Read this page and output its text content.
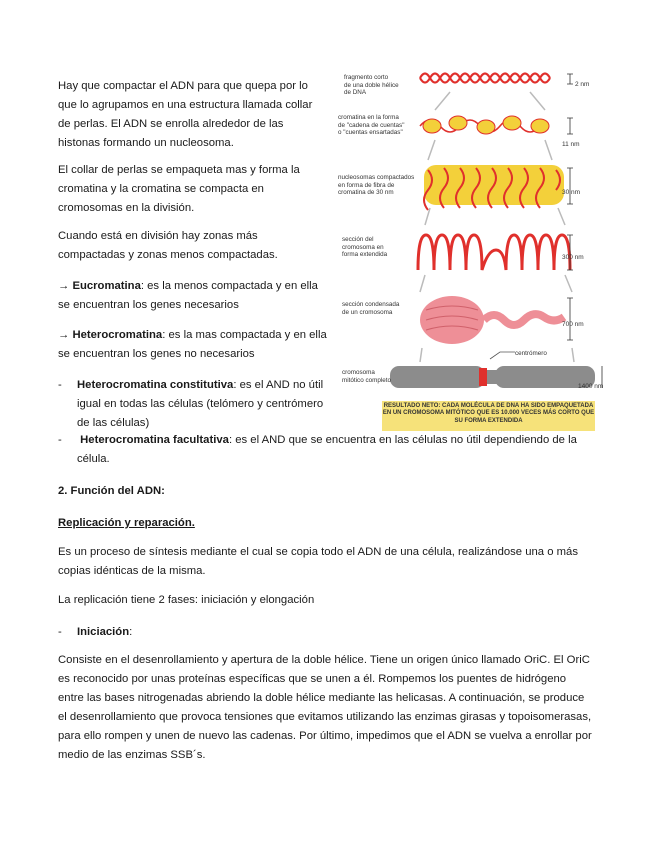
Hay que compactar el ADN para que quepa por lo que lo agrupamos en una estructura llamada collar de perlas. El ADN se enrolla alrededor de las histonas formando un nucleosoma.
El collar de perlas se empaqueta mas y forma la cromatina y la cromatina se compacta en cromosomas en la división.
Cuando está en división hay zonas más compactadas y zonas menos compactadas.
→ Eucromatina: es la menos compactada y en ella se encuentran los genes necesarios
→ Heterocromatina: es la mas compactada y en ella se encuentran los genes no necesarios
- Heterocromatina constitutiva: es el AND no útil igual en todas las células (telómero y centrómero de las células)
- Heterocromatina facultativa: es el AND que se encuentra en las células no útil dependiendo de la célula.
2. Función del ADN:
Replicación y reparación.
Es un proceso de síntesis mediante el cual se copia todo el ADN de una célula, realizándose una o más copias idénticas de la misma.
La replicación tiene 2 fases: iniciación y elongación
- Iniciación:
Consiste en el desenrollamiento y apertura de la doble hélice. Tiene un origen único llamado OriC. El OriC es reconocido por unas proteínas específicas que se unen a él. Rompemos los puentes de hidrógeno entre las bases nitrogenadas abriendo la doble hélice mediante las helicasas. A continuación, se produce el desenrollamiento que provoca tensiones que evitamos utilizando las enzimas girasas y topoisomerasas, para ello rompen y unen de nuevo las cadenas. Por último, impedimos que el ADN se vuelva a enrollar por medio de las enzimas SSB´s.
fragmento corto
de una doble hélice
de DNA
cromatina en la forma
de "cadena de cuentas"
o "cuentas ensartadas"
nucleosomas compactados
en forma de fibra de
cromatina de 30 nm
sección del
cromosoma en
forma extendida
sección condensada
de un cromosoma
cromosoma
mitótico completo
centrómero
2 nm
11 nm
30 nm
300 nm
700 nm
1400 nm
RESULTADO NETO: CADA MOLÉCULA DE DNA HA SIDO EMPAQUETADA EN UN CROMOSOMA MITÓTICO QUE ES 10.000 VECES MÁS CORTO QUE SU FORMA EXTENDIDA
